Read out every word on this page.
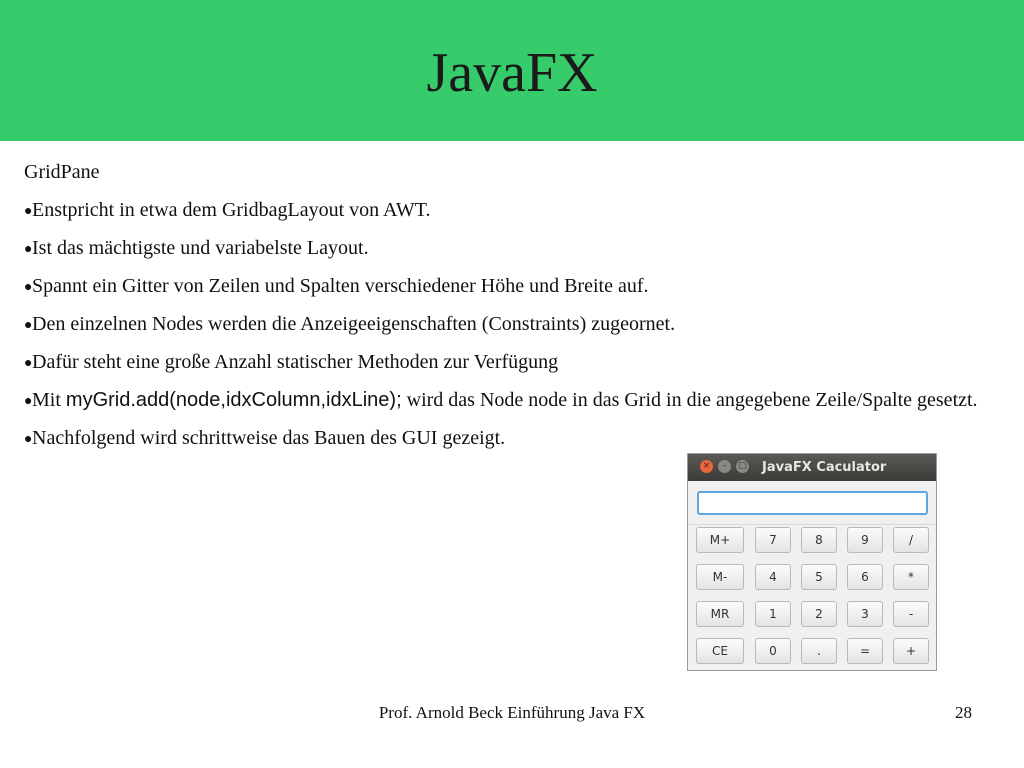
JavaFX
GridPane
●Enstpricht in etwa dem GridbagLayout von AWT.
●Ist das mächtigste und variabelste Layout.
●Spannt ein Gitter von Zeilen und Spalten verschiedener Höhe und Breite auf.
●Den einzelnen Nodes werden die Anzeigeeigenschaften (Constraints) zugeornet.
●Dafür steht eine große Anzahl statischer Methoden zur Verfügung
●Mit myGrid.add(node,idxColumn,idxLine); wird das Node node in das Grid in die angegebene Zeile/Spalte gesetzt.
●Nachfolgend wird schrittweise das Bauen des GUI gezeigt.
×	–	□ JavaFX Caculator
M+	7	8	9	/
M-	4	5	6	*
MR	1	2	3	-
CE	0	.	=	+
Prof. Arnold Beck Einführung Java FX	28
